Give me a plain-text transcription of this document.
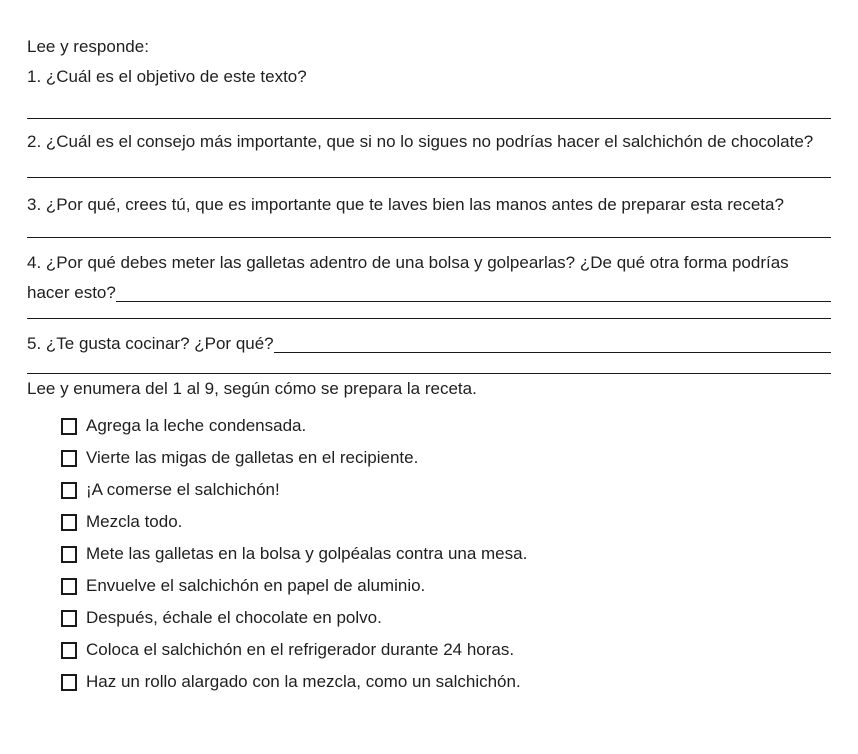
Lee y responde:

1. ¿Cuál es el objetivo de este texto?

2. ¿Cuál es el consejo más importante, que si no lo sigues no podrías hacer el salchichón de chocolate?

3. ¿Por qué, crees tú, que es importante que te laves bien las manos antes de preparar esta receta?

4. ¿Por qué debes meter las galletas adentro de una bolsa y golpearlas? ¿De qué otra forma podrías

hacer esto?
5. ¿Te gusta cocinar? ¿Por qué?

Lee y enumera del 1 al 9, según cómo se prepara la receta.

Agrega la leche condensada.
Vierte las migas de galletas en el recipiente.
¡A comerse el salchichón!
Mezcla todo.
Mete las galletas en la bolsa y golpéalas contra una mesa.
Envuelve el salchichón en papel de aluminio.
Después, échale el chocolate en polvo.
Coloca el salchichón en el refrigerador durante 24 horas.
Haz un rollo alargado con la mezcla, como un salchichón.
